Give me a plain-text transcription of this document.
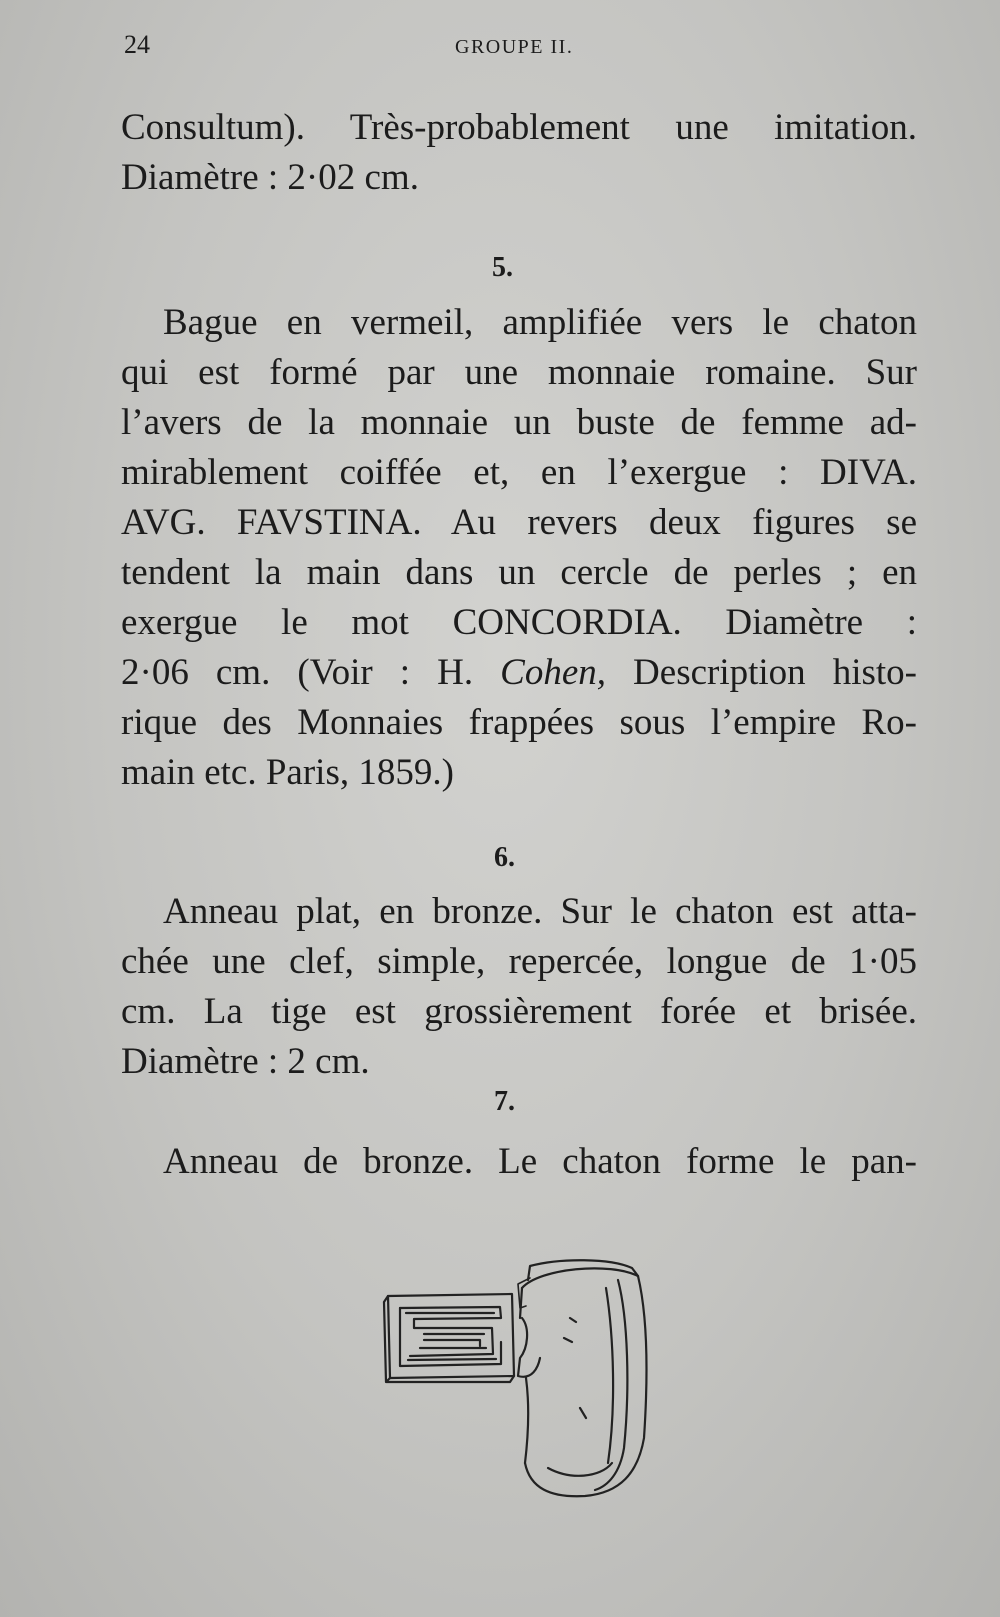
24	GROUPE II.
Consultum). Très-probablement une imitation.
Diamètre : 2·02 cm.
5.
Bague en vermeil, amplifiée vers le chaton
qui est formé par une monnaie romaine. Sur
l’avers de la monnaie un buste de femme ad-
mirablement coiffée et, en l’exergue : DIVA.
AVG. FAVSTINA. Au revers deux figures se
tendent la main dans un cercle de perles ; en
exergue le mot CONCORDIA. Diamètre :
2·06 cm. (Voir : H. Cohen, Description histo-
rique des Monnaies frappées sous l’empire Ro-
main etc. Paris, 1859.)
6.
Anneau plat, en bronze. Sur le chaton est atta-
chée une clef, simple, repercée, longue de 1·05
cm. La tige est grossièrement forée et brisée.
Diamètre : 2 cm.
7.
Anneau de bronze. Le chaton forme le pan-
